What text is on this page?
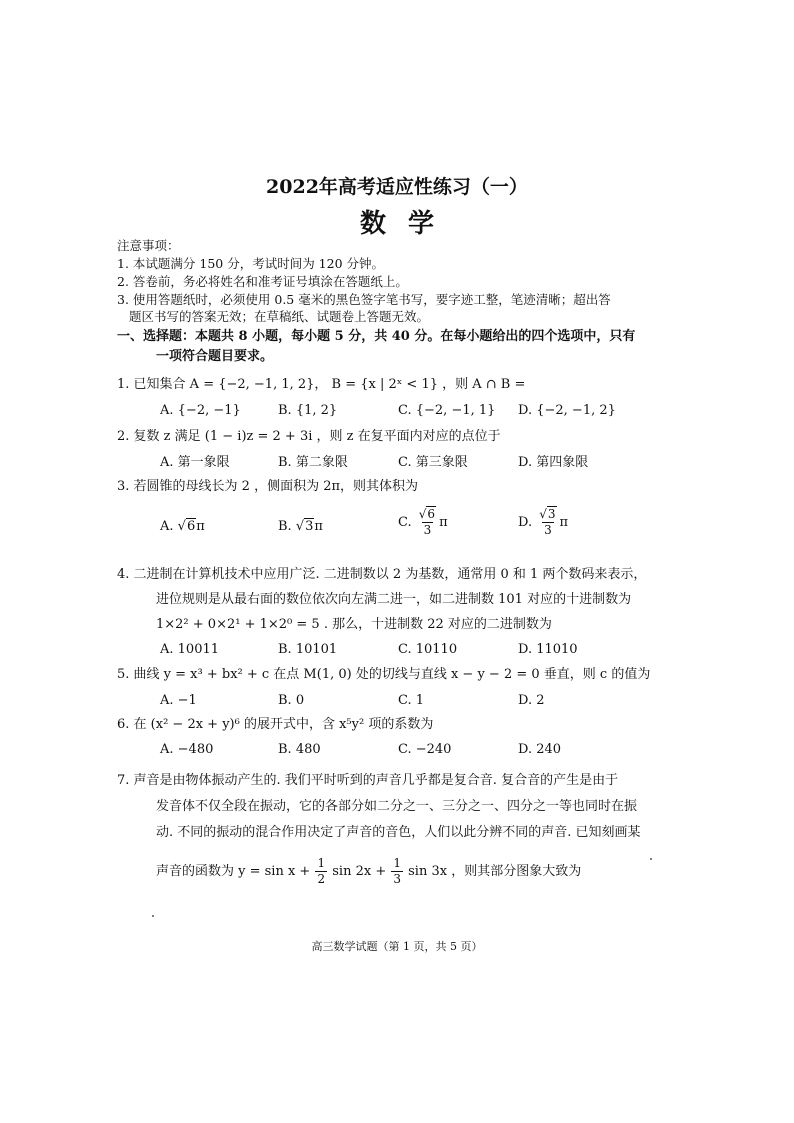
2022年高考适应性练习（一）
数学
注意事项：
1. 本试题满分 150 分，考试时间为 120 分钟。
2. 答卷前，务必将姓名和准考证号填涂在答题纸上。
3. 使用答题纸时，必须使用 0.5 毫米的黑色签字笔书写，要字迹工整，笔迹清晰；超出答
题区书写的答案无效；在草稿纸、试题卷上答题无效。
一、选择题：本题共 8 小题，每小题 5 分，共 40 分。在每小题给出的四个选项中，只有
一项符合题目要求。
1. 已知集合 A = {−2, −1, 1, 2}， B = {x | 2ˣ < 1} ，则 A ∩ B =
A. {−2, −1}	B. {1, 2}	C. {−2, −1, 1} D. {−2, −1, 2}
2. 复数 z 满足 (1 − i)z = 2 + 3i ，则 z 在复平面内对应的点位于
A. 第一象限	B. 第二象限	C. 第三象限	D. 第四象限
3. 若圆锥的母线长为 2 ，侧面积为 2π，则其体积为
A. √6π	B. √3π	C. $\frac{√6}{3}$ π	D. $\frac{√3}{3}$ π
4. 二进制在计算机技术中应用广泛. 二进制数以 2 为基数，通常用 0 和 1 两个数码来表示，
进位规则是从最右面的数位依次向左满二进一，如二进制数 101 对应的十进制数为
1×2² + 0×2¹ + 1×2⁰ = 5 . 那么，十进制数 22 对应的二进制数为
A. 10011	B. 10101	C. 10110	D. 11010
5. 曲线 y = x³ + bx² + c 在点 M(1, 0) 处的切线与直线 x − y − 2 = 0 垂直，则 c 的值为
A. −1	B. 0	C. 1	D. 2
6. 在 (x² − 2x + y)⁶ 的展开式中，含 x⁵y² 项的系数为
A. −480	B. 480	C. −240	D. 240
7. 声音是由物体振动产生的. 我们平时听到的声音几乎都是复合音. 复合音的产生是由于
发音体不仅全段在振动，它的各部分如二分之一、三分之一、四分之一等也同时在振
动. 不同的振动的混合作用决定了声音的音色，人们以此分辨不同的声音. 已知刻画某
声音的函数为 $y = \sin x + \frac{1}{2}$ $\sin 2x + \frac{1}{3}$ sin 3x ，则其部分图象大致为
高三数学试题（第 1 页，共 5 页）
